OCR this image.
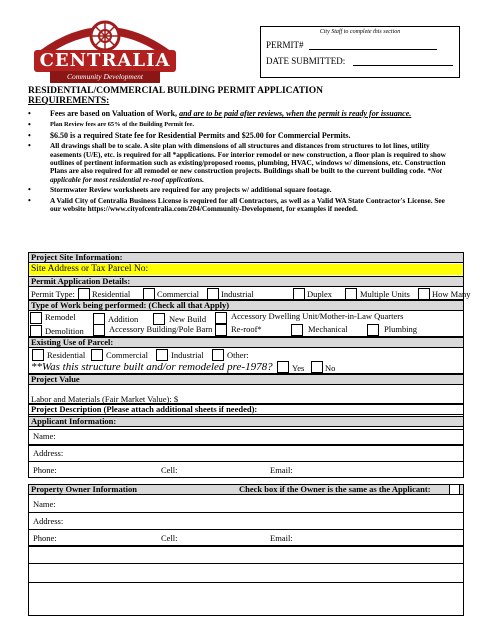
CENTRALIA
Community Development
City Staff to complete this section
PERMIT#
DATE SUBMITTED:
RESIDENTIAL/COMMERCIAL BUILDING PERMIT APPLICATION
REQUIREMENTS:
• Fees are based on Valuation of Work, and are to be paid after reviews, when the permit is ready for issuance.
•	Plan Review fees are 65% of the Building Permit fee.
• $6.50 is a required State fee for Residential Permits and $25.00 for Commercial Permits.
•	All drawings shall be to scale. A site plan with dimensions of all structures and distances from structures to lot lines, utility easements (U/E), etc. is required for all *applications. For interior remodel or new construction, a floor plan is required to show outlines of pertinent information such as existing/proposed rooms, plumbing, HVAC, windows w/ dimensions, etc. Construction Plans are also required for all remodel or new construction projects. Buildings shall be built to the current building code. *Not applicable for most residential re-roof applications.
•	Stormwater Review worksheets are required for any projects w/ additional square footage.
•	A Valid City of Centralia Business License is required for all Contractors, as well as a Valid WA State Contractor's License. See our website https://www.cityofcentralia.com/204/Community-Development, for examples if needed.
Project Site Information:
Site Address or Tax Parcel No:
Permit Application Details:
Permit Type: Residential	Commercial	Industrial	Duplex	Multiple Units	How Many
Type of Work being performed: (Check all that Apply)
Remodel	Addition	New Build	Accessory Dwelling Unit/Mother-in-Law Quarters
Demolition	Accessory Building/Pole Barn Re-roof*	Mechanical	Plumbing
Existing Use of Parcel:
Residential Commercial	Industrial	Other:
**Was this structure built and/or remodeled pre-1978? Yes No
Project Value
Labor and Materials (Fair Market Value): $
Project Description (Please attach additional sheets if needed):
Applicant Information:
Name:
Address:
Phone:	Cell:	Email:
Property Owner Information	Check box if the Owner is the same as the Applicant:
Name:
Address:
Phone:	Cell:	Email:
